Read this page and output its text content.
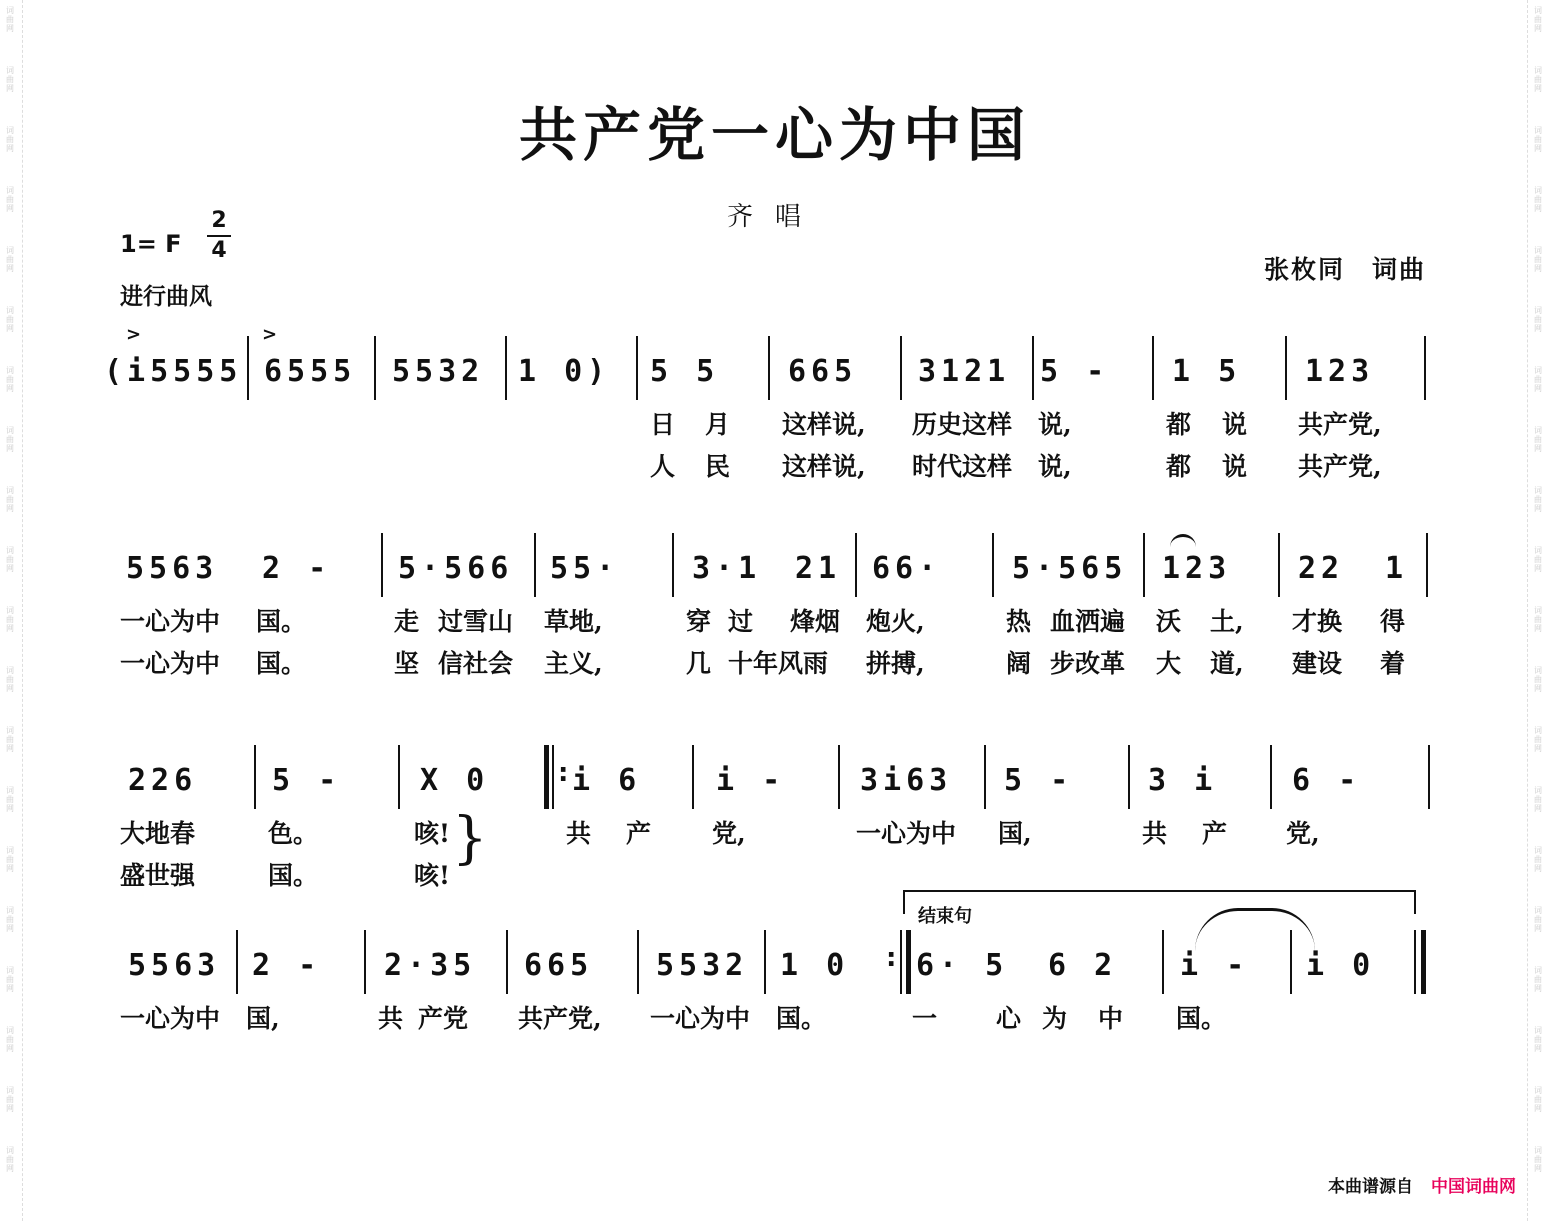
词曲网
词曲网
词曲网
词曲网
词曲网
词曲网
词曲网
词曲网
词曲网
词曲网
词曲网
词曲网
词曲网
词曲网
词曲网
词曲网
词曲网
词曲网
词曲网
词曲网
词曲网
词曲网
词曲网
词曲网
词曲网
词曲网
词曲网
词曲网
词曲网
词曲网
词曲网
词曲网
词曲网
词曲网
词曲网
词曲网
词曲网
词曲网
词曲网
词曲网
共产党一心为中国
齐唱
1= F
2
4
进行曲风
张枚同　词曲
>	>
(i5555 6555 5532 1 0) 5 5 665 3121 5 - 1 5 123
日 月 这样说, 历史这样 说,	都 说 共产党,
人 民 这样说, 时代这样 说,	都 说 共产党,
5563 2 - 5·566 55· 3·1 21 66· 5·565 123 22 1
一心为中 国。	走 过雪山 草地,	穿 过 烽烟 炮火,	热 血洒遍 沃 土, 才换 得
一心为中 国。	坚 信社会 主义,	几 十年风雨 拼搏,	阔 步改革 大 道, 建设 着
226 5 -	X 0	: i 6 i - 3i63 5 - 3 i 6 -
大地春	色。	咳!	共 产 党,	一心为中 国,	共 产 党,
盛世强	国。	咳!
}
结束句
5563 2 - 2·35 665 5532 1 0 : 6· 5 6 2 i - i 0
一心为中 国,	共 产党 共产党, 一心为中 国。	一 心 为 中 国。
本曲谱源自 中国词曲网
